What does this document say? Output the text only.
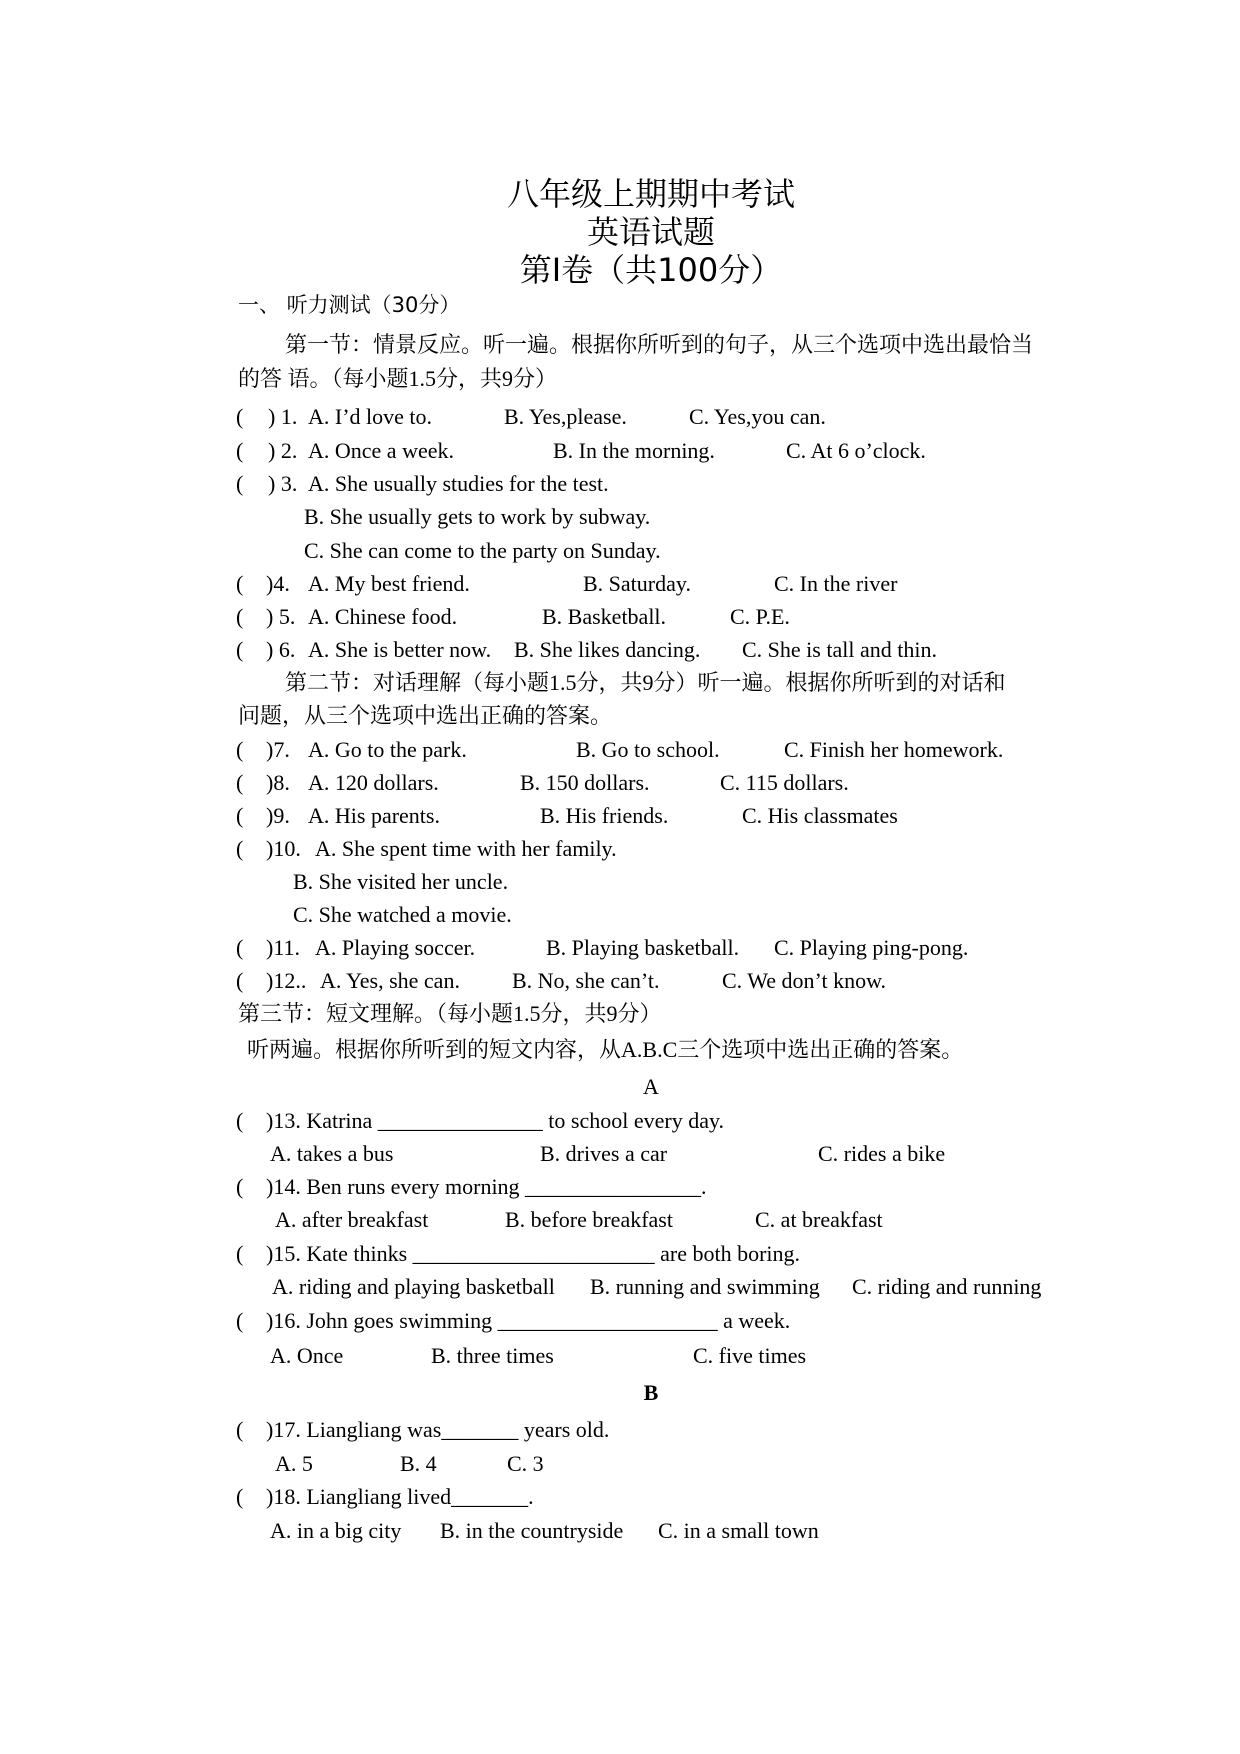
八年级上期期中考试
英语试题
第Ⅰ卷（共100分）
一、 听力测试（30分）
第一节：情景反应。听一遍。根据你所听到的句子，从三个选项中选出最恰当
的答 语。（每小题1.5分，共9分）
( ) 1. A. I’d love to.	B. Yes,please.	C. Yes,you can.
( ) 2. A. Once a week.	B. In the morning.	C. At 6 o’clock.
( ) 3. A. She usually studies for the test.
B. She usually gets to work by subway.
C. She can come to the party on Sunday.
( )4. A. My best friend.	B. Saturday.	C. In the river
( ) 5. A. Chinese food.	B. Basketball.	C. P.E.
( ) 6. A. She is better now. B. She likes dancing. C. She is tall and thin.
第二节：对话理解（每小题1.5分，共9分）听一遍。根据你所听到的对话和
问题，从三个选项中选出正确的答案。
( )7. A. Go to the park.	B. Go to school.	C. Finish her homework.
( )8. A. 120 dollars.	B. 150 dollars.	C. 115 dollars.
( )9. A. His parents.	B. His friends.	C. His classmates
( )10. A. She spent time with her family.
B. She visited her uncle.
C. She watched a movie.
( )11. A. Playing soccer.	B. Playing basketball. C. Playing ping-pong.
( )12.. A. Yes, she can. B. No, she can’t.	C. We don’t know.
第三节：短文理解。（每小题1.5分，共9分）
听两遍。根据你所听到的短文内容，从A.B.C三个选项中选出正确的答案。
A
( )13. Katrina _______________ to school every day.
A. takes a bus	B. drives a car	C. rides a bike
( )14. Ben runs every morning ________________.
A. after breakfast	B. before breakfast	C. at breakfast
( )15. Kate thinks ______________________ are both boring.
A. riding and playing basketball B. running and swimming C. riding and running
( )16. John goes swimming ____________________ a week.
A. Once	B. three times	C. five times
B
( )17. Liangliang was_______ years old.
A. 5	B. 4	C. 3
( )18. Liangliang lived_______.
A. in a big city B. in the countryside C. in a small town
